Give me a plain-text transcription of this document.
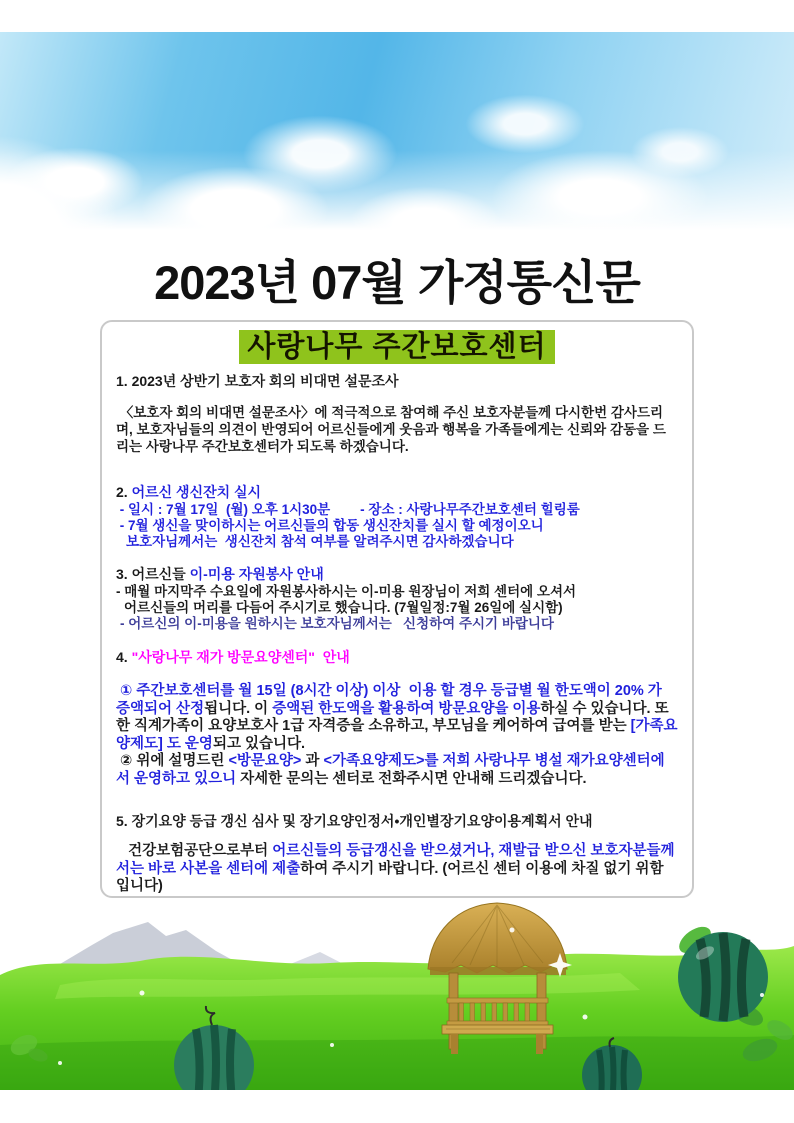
2023년 07월 가정통신문
사랑나무 주간보호센터
1. 2023년 상반기 보호자 회의 비대면 설문조사
〈보호자 회의 비대면 설문조사〉에 적극적으로 참여해 주신 보호자분들께 다시한번 감사드리며, 보호자님들의 의견이 반영되어 어르신들에게 웃음과 행복을 가족들에게는 신뢰와 감동을 드리는 사랑나무 주간보호센터가 되도록 하겠습니다.
2. 어르신 생신잔치 실시
- 일시 : 7월 17일  (월) 오후 1시30분        - 장소 : 사랑나무주간보호센터 힐링룸
- 7월 생신을 맞이하시는 어르신들의 합동 생신잔치를 실시 할 예정이오니
보호자님께서는  생신잔치 참석 여부를 알려주시면 감사하겠습니다
3. 어르신들 이-미용 자원봉사 안내
- 매월 마지막주 수요일에 자원봉사하시는 이-미용 원장님이 저희 센터에 오셔서
어르신들의 머리를 다듬어 주시기로 했습니다. (7월일정:7월 26일에 실시함)
- 어르신의 이-미용을 원하시는 보호자님께서는   신청하여 주시기 바랍니다
4. "사랑나무 재가 방문요양센터"  안내
① 주간보호센터를 월 15일 (8시간 이상) 이상  이용 할 경우 등급별 월 한도액이 20% 가 증액되어 산정됩니다. 이 증액된 한도액을 활용하여 방문요양을 이용하실 수 있습니다. 또한 직계가족이 요양보호사 1급 자격증을 소유하고, 부모님을 케어하여 급여를 받는 [가족요양제도] 도 운영되고 있습니다.
② 위에 설명드린 <방문요양> 과 <가족요양제도>를 저희 사랑나무 병설 재가요양센터에서 운영하고 있으니 자세한 문의는 센터로 전화주시면 안내해 드리겠습니다.
5. 장기요양 등급 갱신 심사 및 장기요양인정서•개인별장기요양이용계획서 안내
건강보험공단으로부터 어르신들의 등급갱신을 받으셨거나, 재발급 받으신 보호자분들께서는 바로 사본을 센터에 제출하여 주시기 바랍니다. (어르신 센터 이용에 차질 없기 위함 입니다)
